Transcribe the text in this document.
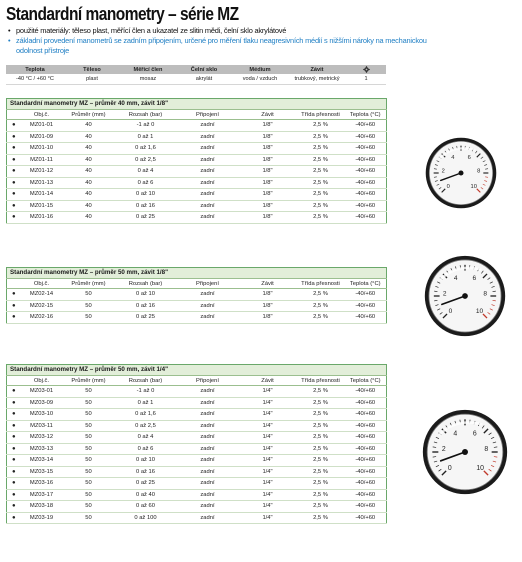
Standardní manometry – série MZ
• použité materiály: těleso plast, měřící člen a ukazatel ze slitin mědi, čelní sklo akrylátové
• základní provedení manometrů se zadním připojením, určené pro měření tlaku neagresivních médií s nižšími nároky na mechanickou
odolnost přístroje
Teplota	Těleso	Měřicí člen	Čelní sklo	Médium	Závit	
-40 °C / +60 °C	plast	mosaz	akrylát	voda / vzduch	trubkový, metrický	1
Standardní manometry MZ – průměr 40 mm, závit 1/8"
	Obj.č.	Průměr (mm)	Rozsah (bar)	Připojení	Závit	Třída přesnosti	Teplota (°C)
●	MZ01-01	40	-1 až 0	zadní	1/8"	2,5 %	-40/+60
●	MZ01-09	40	0 až 1	zadní	1/8"	2,5 %	-40/+60
●	MZ01-10	40	0 až 1,6	zadní	1/8"	2,5 %	-40/+60
●	MZ01-11	40	0 až 2,5	zadní	1/8"	2,5 %	-40/+60
●	MZ01-12	40	0 až 4	zadní	1/8"	2,5 %	-40/+60
●	MZ01-13	40	0 až 6	zadní	1/8"	2,5 %	-40/+60
●	MZ01-14	40	0 až 10	zadní	1/8"	2,5 %	-40/+60
●	MZ01-15	40	0 až 16	zadní	1/8"	2,5 %	-40/+60
●	MZ01-16	40	0 až 25	zadní	1/8"	2,5 %	-40/+60
Standardní manometry MZ – průměr 50 mm, závit 1/8"
	Obj.č.	Průměr (mm)	Rozsah (bar)	Připojení	Závit	Třída přesnosti	Teplota (°C)
●	MZ02-14	50	0 až 10	zadní	1/8"	2,5 %	-40/+60
●	MZ02-15	50	0 až 16	zadní	1/8"	2,5 %	-40/+60
●	MZ02-16	50	0 až 25	zadní	1/8"	2,5 %	-40/+60
Standardní manometry MZ – průměr 50 mm, závit 1/4"
	Obj.č.	Průměr (mm)	Rozsah (bar)	Připojení	Závit	Třída přesnosti	Teplota (°C)
●	MZ03-01	50	-1 až 0	zadní	1/4"	2,5 %	-40/+60
●	MZ03-09	50	0 až 1	zadní	1/4"	2,5 %	-40/+60
●	MZ03-10	50	0 až 1,6	zadní	1/4"	2,5 %	-40/+60
●	MZ03-11	50	0 až 2,5	zadní	1/4"	2,5 %	-40/+60
●	MZ03-12	50	0 až 4	zadní	1/4"	2,5 %	-40/+60
●	MZ03-13	50	0 až 6	zadní	1/4"	2,5 %	-40/+60
●	MZ03-14	50	0 až 10	zadní	1/4"	2,5 %	-40/+60
●	MZ03-15	50	0 až 16	zadní	1/4"	2,5 %	-40/+60
●	MZ03-16	50	0 až 25	zadní	1/4"	2,5 %	-40/+60
●	MZ03-17	50	0 až 40	zadní	1/4"	2,5 %	-40/+60
●	MZ03-18	50	0 až 60	zadní	1/4"	2,5 %	-40/+60
●	MZ03-19	50	0 až 100	zadní	1/4"	2,5 %	-40/+60
0
2
4 6
8
10
0
2
4 6
8
10
0
2
4 6
8
10
